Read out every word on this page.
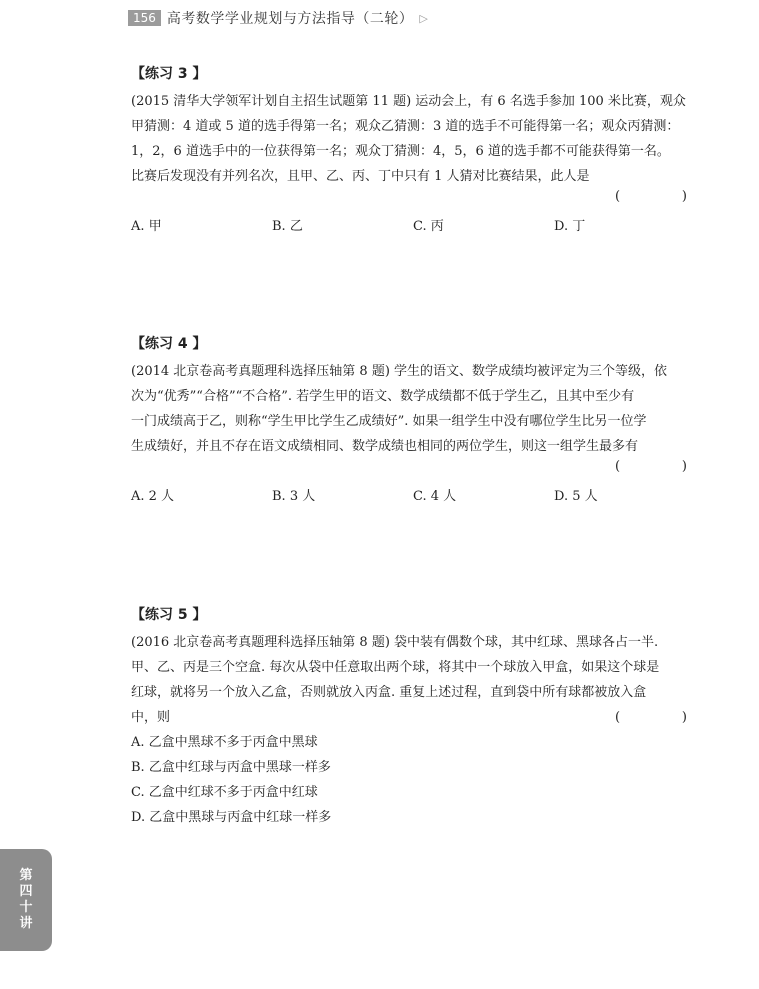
156 高考数学学业规划与方法指导（二轮） ▷
【练习 3 】
(2015 清华大学领军计划自主招生试题第 11 题) 运动会上，有 6 名选手参加 100 米比赛，观众
甲猜测：4 道或 5 道的选手得第一名；观众乙猜测：3 道的选手不可能得第一名；观众丙猜测：
1，2，6 道选手中的一位获得第一名；观众丁猜测：4，5，6 道的选手都不可能获得第一名。
比赛后发现没有并列名次，且甲、乙、丙、丁中只有 1 人猜对比赛结果，此人是
(	)
A. 甲	B. 乙	C. 丙	D. 丁
【练习 4 】
(2014 北京卷高考真题理科选择压轴第 8 题) 学生的语文、数学成绩均被评定为三个等级，依
次为“优秀”“合格”“不合格”. 若学生甲的语文、数学成绩都不低于学生乙，且其中至少有
一门成绩高于乙，则称“学生甲比学生乙成绩好”. 如果一组学生中没有哪位学生比另一位学
生成绩好，并且不存在语文成绩相同、数学成绩也相同的两位学生，则这一组学生最多有
(	)
A. 2 人	B. 3 人	C. 4 人	D. 5 人
【练习 5 】
(2016 北京卷高考真题理科选择压轴第 8 题) 袋中装有偶数个球，其中红球、黑球各占一半.
甲、乙、丙是三个空盒. 每次从袋中任意取出两个球，将其中一个球放入甲盒，如果这个球是
红球，就将另一个放入乙盒，否则就放入丙盒. 重复上述过程，直到袋中所有球都被放入盒
中，则	(	)
A. 乙盒中黑球不多于丙盒中黑球
B. 乙盒中红球与丙盒中黑球一样多
C. 乙盒中红球不多于丙盒中红球
D. 乙盒中黑球与丙盒中红球一样多
第
四
十
讲
